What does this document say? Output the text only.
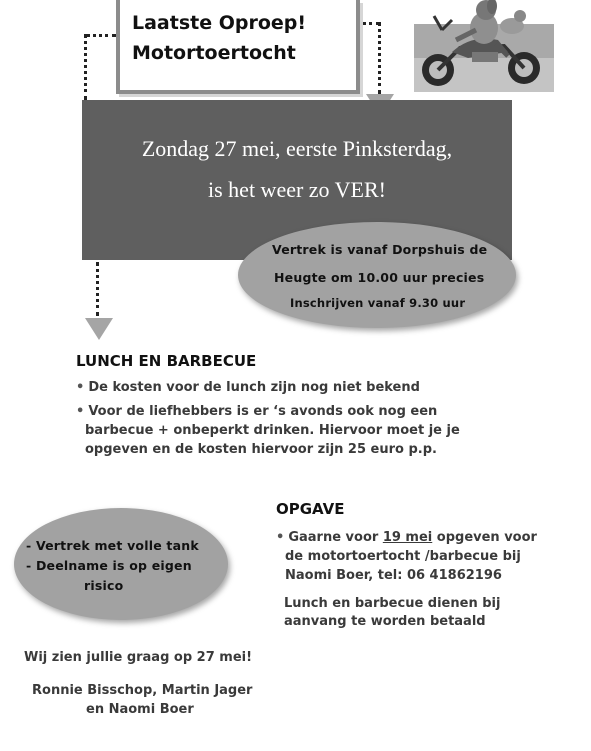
Laatste Oproep!
Motortoertocht
Zondag 27 mei, eerste Pinksterdag,
is het weer zo VER!
Vertrek is vanaf Dorpshuis de
Heugte om 10.00 uur precies
Inschrijven vanaf 9.30 uur
LUNCH EN BARBECUE
• De kosten voor de lunch zijn nog niet bekend
• Voor de liefhebbers is er ‘s avonds ook nog een
barbecue + onbeperkt drinken. Hiervoor moet je je
opgeven en de kosten hiervoor zijn 25 euro p.p.
- Vertrek met volle tank
- Deelname is op eigen
risico
OPGAVE
• Gaarne voor 19 mei opgeven voor
de motortoertocht /barbecue bij
Naomi Boer, tel: 06 41862196
Lunch en barbecue dienen bij
aanvang te worden betaald
Wij zien jullie graag op 27 mei!
Ronnie Bisschop, Martin Jager
en Naomi Boer
